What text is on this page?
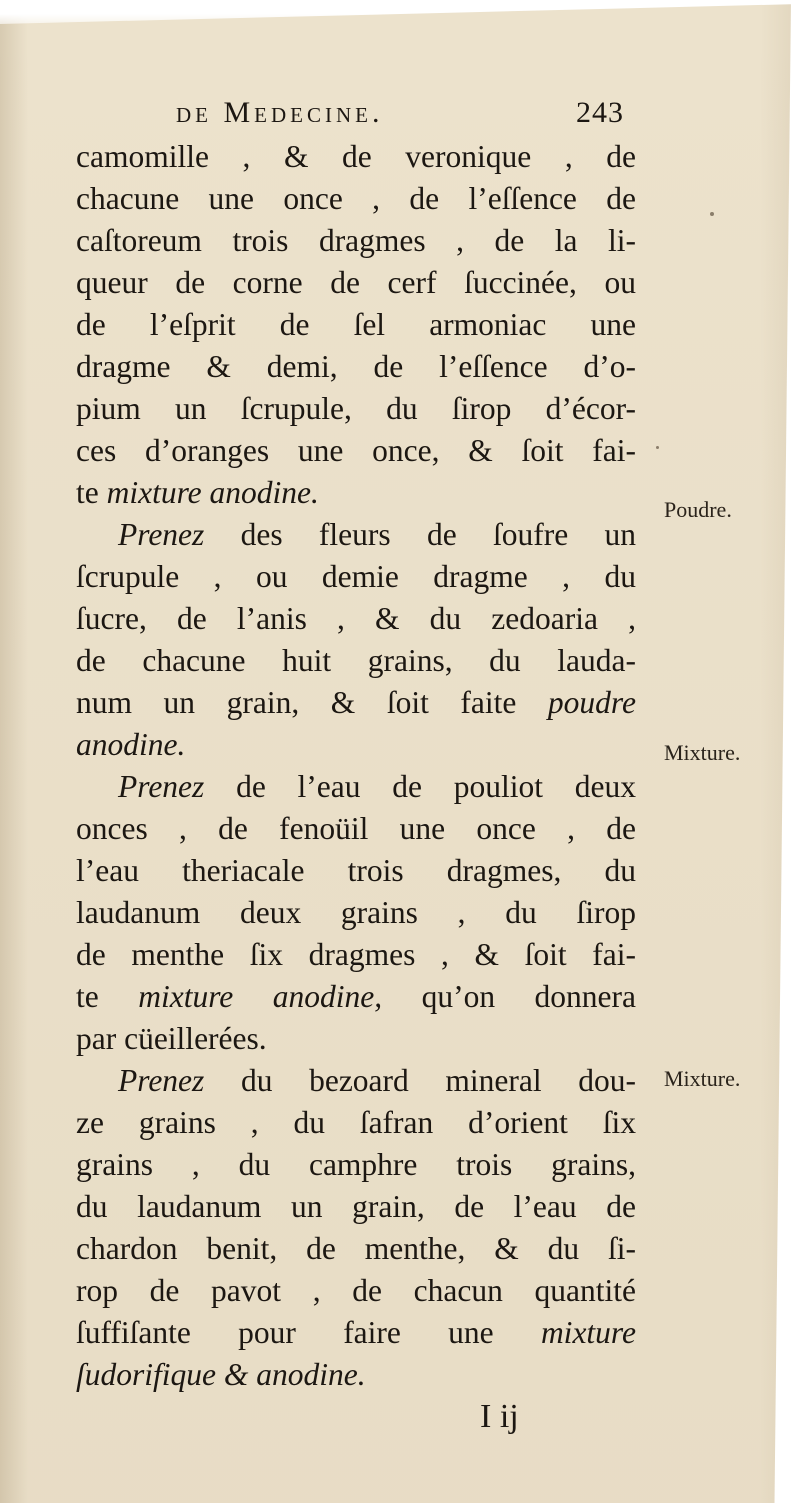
de Medecine.	243
camomille , & de veronique , de
chacune une once , de l’eſſence de
caſtoreum trois dragmes , de la li-
queur de corne de cerf ſuccinée, ou
de l’eſprit de ſel armoniac une
dragme & demi, de l’eſſence d’o-
pium un ſcrupule, du ſirop d’écor-
ces d’oranges une once, & ſoit fai-
te mixture anodine.
Prenez des fleurs de ſoufre un
ſcrupule , ou demie dragme , du
ſucre, de l’anis , & du zedoaria ,
de chacune huit grains, du lauda-
num un grain, & ſoit faite poudre
anodine.
Prenez de l’eau de pouliot deux
onces , de fenoüil une once , de
l’eau theriacale trois dragmes, du
laudanum deux grains , du ſirop
de menthe ſix dragmes , & ſoit fai-
te mixture anodine, qu’on donnera
par cüeillerées.
Prenez du bezoard mineral dou-
ze grains , du ſafran d’orient ſix
grains , du camphre trois grains,
du laudanum un grain, de l’eau de
chardon benit, de menthe, & du ſi-
rop de pavot , de chacun quantité
ſuffiſante pour faire une mixture
ſudorifique & anodine.
Poudre.
Mixture.
Mixture.
I ij
